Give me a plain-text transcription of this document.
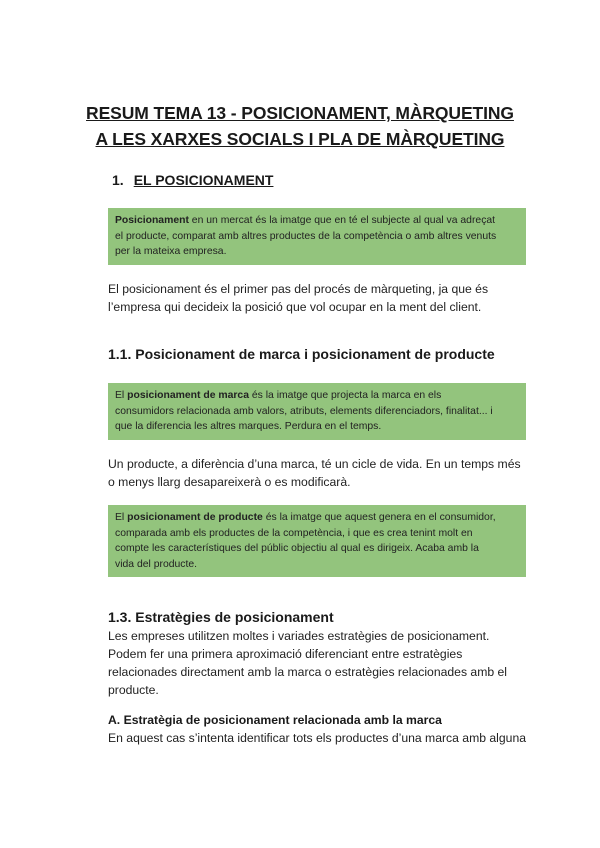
RESUM TEMA 13 - POSICIONAMENT, MÀRQUETING
A LES XARXES SOCIALS I PLA DE MÀRQUETING
1. EL POSICIONAMENT
Posicionament en un mercat és la imatge que en té el subjecte al qual va adreçat
el producte, comparat amb altres productes de la competència o amb altres venuts
per la mateixa empresa.
El posicionament és el primer pas del procés de màrqueting, ja que és
l’empresa qui decideix la posició que vol ocupar en la ment del client.
1.1. Posicionament de marca i posicionament de producte
El posicionament de marca és la imatge que projecta la marca en els
consumidors relacionada amb valors, atributs, elements diferenciadors, finalitat... i
que la diferencia les altres marques. Perdura en el temps.
Un producte, a diferència d’una marca, té un cicle de vida. En un temps més
o menys llarg desapareixerà o es modificarà.
El posicionament de producte és la imatge que aquest genera en el consumidor,
comparada amb els productes de la competència, i que es crea tenint molt en
compte les característiques del públic objectiu al qual es dirigeix. Acaba amb la
vida del producte.
1.3. Estratègies de posicionament
Les empreses utilitzen moltes i variades estratègies de posicionament.
Podem fer una primera aproximació diferenciant entre estratègies
relacionades directament amb la marca o estratègies relacionades amb el
producte.
A. Estratègia de posicionament relacionada amb la marca
En aquest cas s’intenta identificar tots els productes d’una marca amb alguna
